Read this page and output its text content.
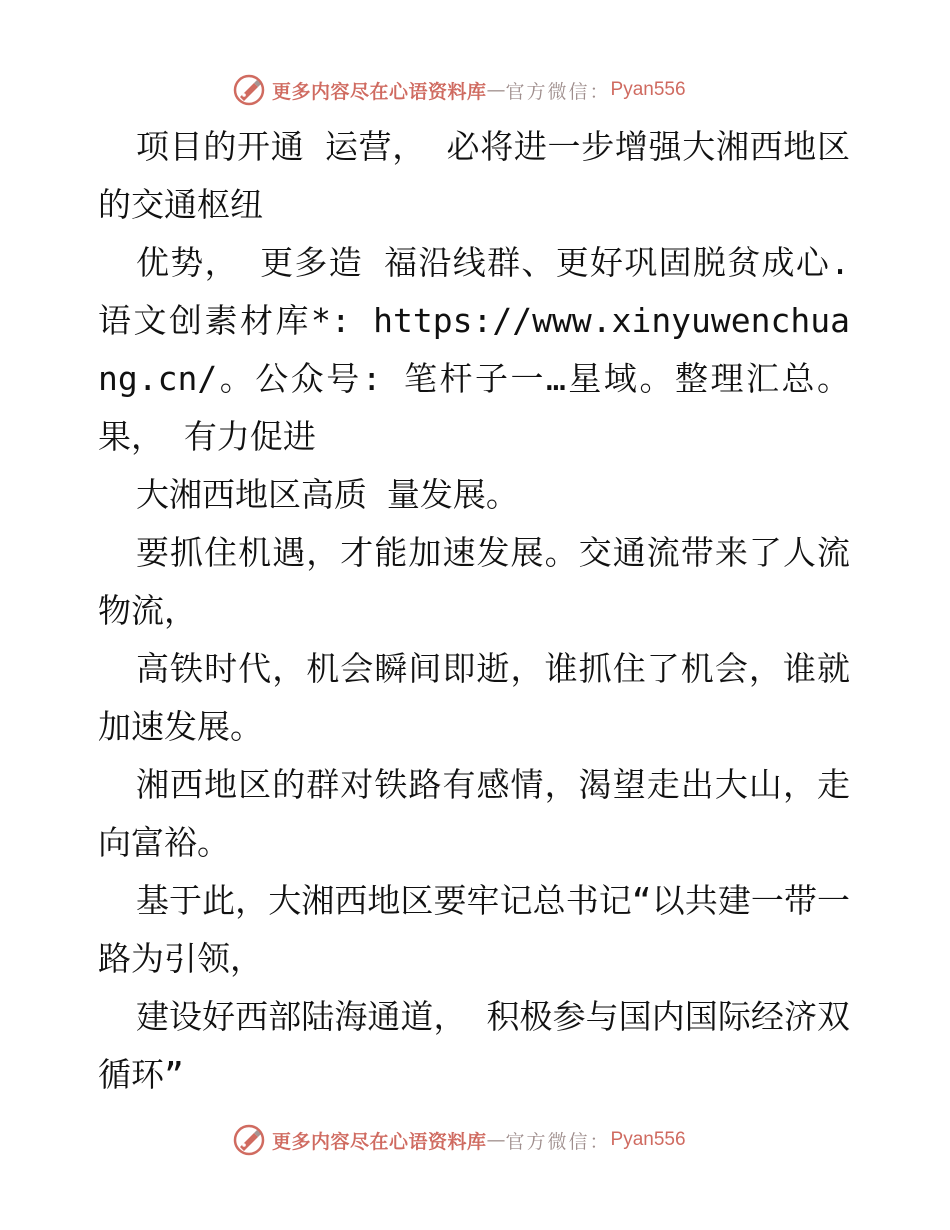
更多内容尽在心语资料库 — 官方微信： Pyan556

项目的开通 运营， 必将进一步增强大湘西地区的交通枢纽

优势， 更多造 福沿线群、更好巩固脱贫成心.语文创素材库*: https://www.xinyuwenchuang.cn/。公众号: 笔杆子一…星域。整理汇总。果， 有力促进

大湘西地区高质 量发展。

要抓住机遇，才能加速发展。交通流带来了人流物流，

高铁时代，机会瞬间即逝，谁抓住了机会，谁就加速发展。

湘西地区的群对铁路有感情，渴望走出大山，走向富裕。

基于此，大湘西地区要牢记总书记“以共建一带一路为引领，

建设好西部陆海通道， 积极参与国内国际经济双循环”

更多内容尽在心语资料库 — 官方微信： Pyan556
